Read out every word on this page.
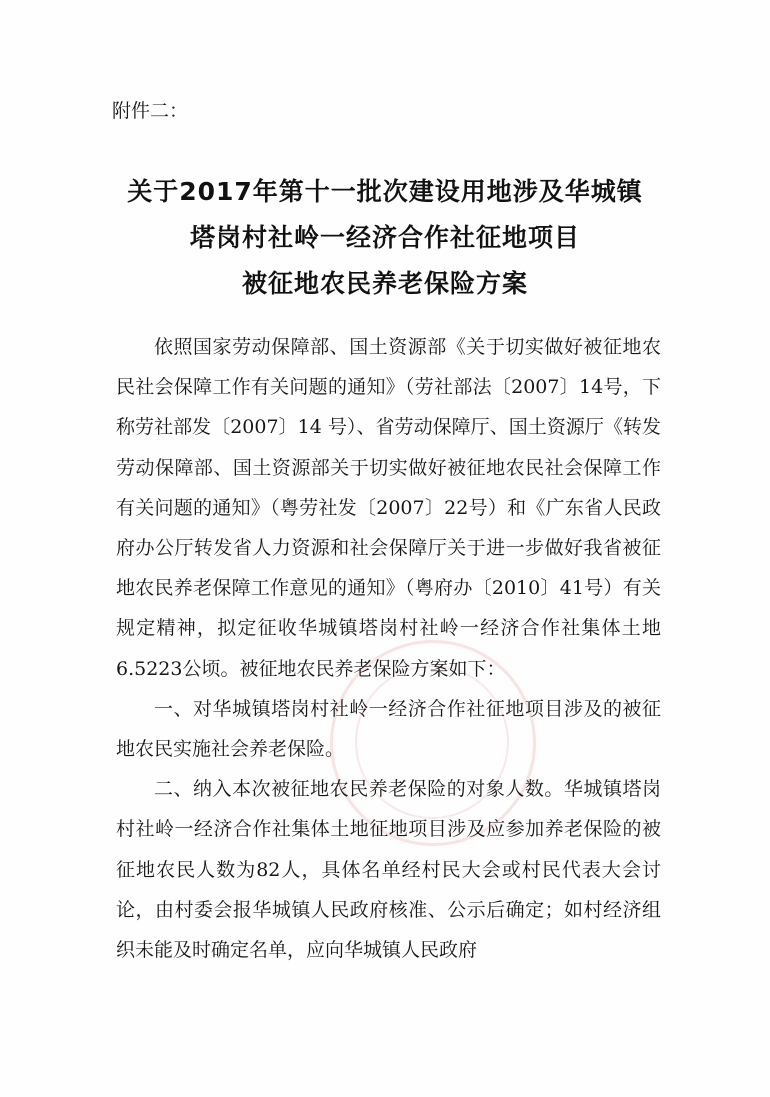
附件二：
关于2017年第十一批次建设用地涉及华城镇
塔岗村社岭一经济合作社征地项目
被征地农民养老保险方案

依照国家劳动保障部、国土资源部《关于切实做好被征地农民社会保障工作有关问题的通知》（劳社部法〔2007〕14号，下称劳社部发〔2007〕14 号）、省劳动保障厅、国土资源厅《转发劳动保障部、国土资源部关于切实做好被征地农民社会保障工作有关问题的通知》（粤劳社发〔2007〕22号）和《广东省人民政府办公厅转发省人力资源和社会保障厅关于进一步做好我省被征地农民养老保障工作意见的通知》（粤府办〔2010〕41号）有关规定精神，拟定征收华城镇塔岗村社岭一经济合作社集体土地6.5223公顷。被征地农民养老保险方案如下：

一、对华城镇塔岗村社岭一经济合作社征地项目涉及的被征地农民实施社会养老保险。

二、纳入本次被征地农民养老保险的对象人数。华城镇塔岗村社岭一经济合作社集体土地征地项目涉及应参加养老保险的被征地农民人数为82人，具体名单经村民大会或村民代表大会讨论，由村委会报华城镇人民政府核准、公示后确定；如村经济组织未能及时确定名单，应向华城镇人民政府
